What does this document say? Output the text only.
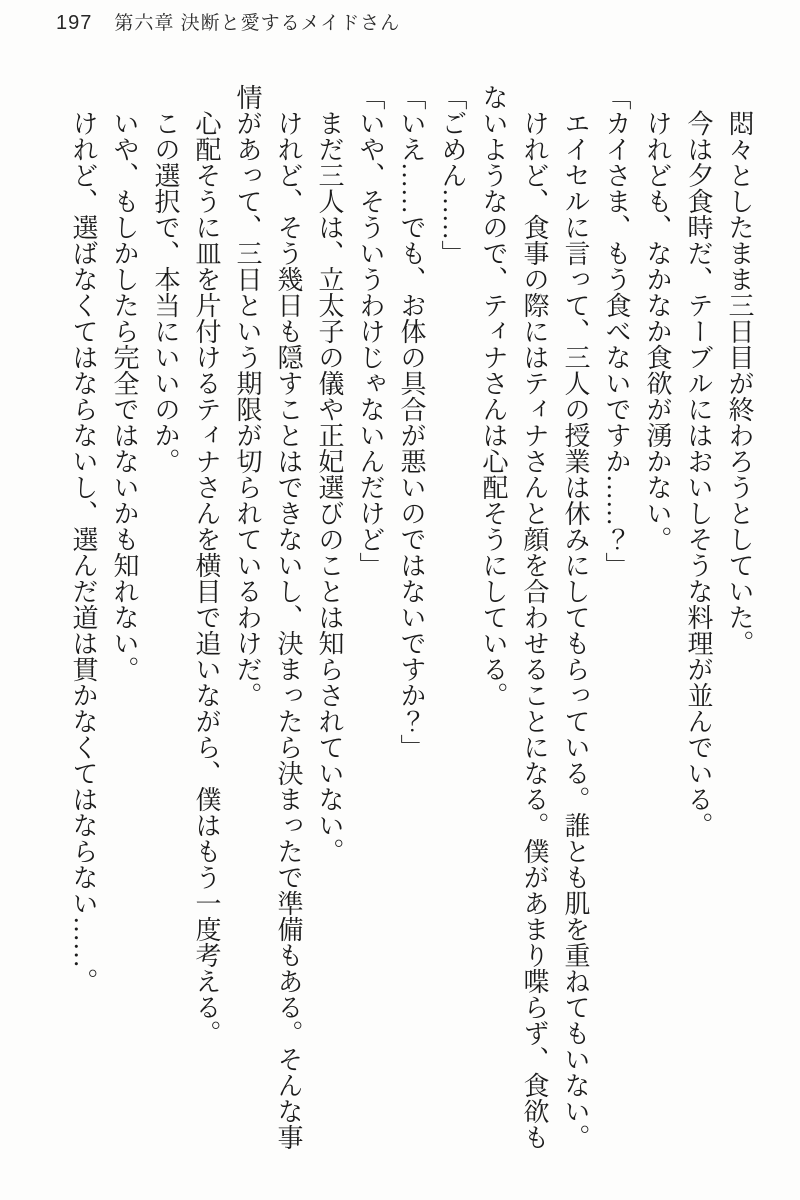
197 第六章 決断と愛するメイドさん

悶々としたまま三日目が終わろうとしていた。

今は夕食時だ、テーブルにはおいしそうな料理が並んでいる。

けれども、なかなか食欲が湧かない。

「カイさま、もう食べないですか……？」

エイセルに言って、三人の授業は休みにしてもらっている。誰とも肌を重ねてもいない。

けれど、食事の際にはティナさんと顔を合わせることになる。僕があまり喋らず、食欲もないようなので、ティナさんは心配そうにしている。

「ごめん……」

「いえ……でも、お体の具合が悪いのではないですか？」

「いや、そういうわけじゃないんだけど」

まだ三人は、立太子の儀や正妃選びのことは知らされていない。

けれど、そう幾日も隠すことはできないし、決まったら決まったで準備もある。そんな事情があって、三日という期限が切られているわけだ。

心配そうに皿を片付けるティナさんを横目で追いながら、僕はもう一度考える。

この選択で、本当にいいのか。

いや、もしかしたら完全ではないかも知れない。

けれど、選ばなくてはならないし、選んだ道は貫かなくてはならない……。
